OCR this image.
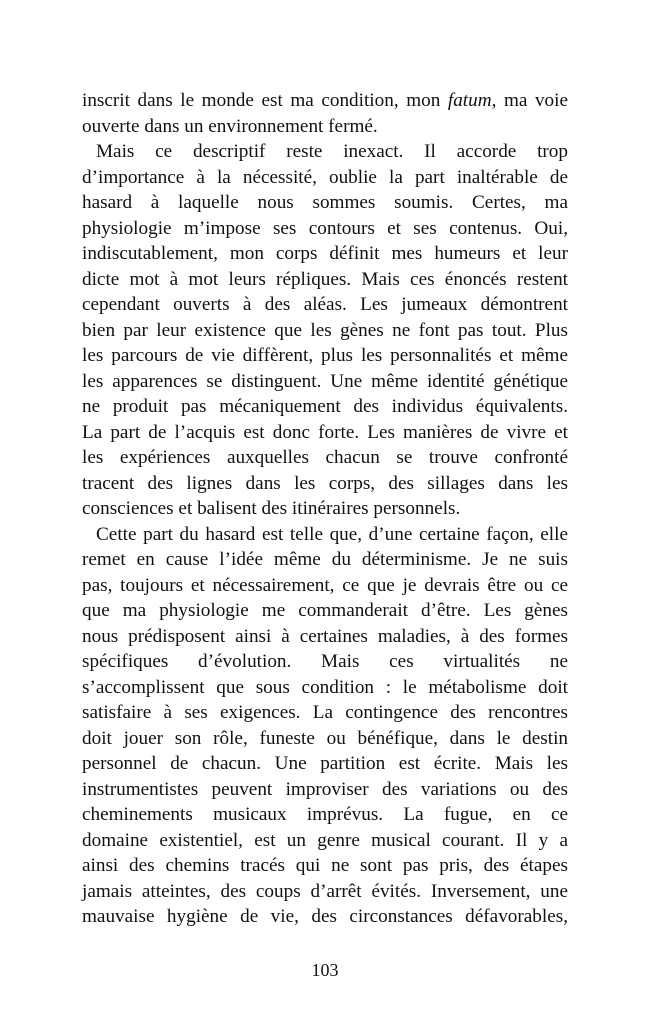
inscrit dans le monde est ma condition, mon fatum, ma voie
ouverte dans un environnement fermé.
Mais ce descriptif reste inexact. Il accorde trop
d’importance à la nécessité, oublie la part inaltérable de
hasard à laquelle nous sommes soumis. Certes, ma
physiologie m’impose ses contours et ses contenus. Oui,
indiscutablement, mon corps définit mes humeurs et leur
dicte mot à mot leurs répliques. Mais ces énoncés restent
cependant ouverts à des aléas. Les jumeaux démontrent
bien par leur existence que les gènes ne font pas tout. Plus
les parcours de vie diffèrent, plus les personnalités et même
les apparences se distinguent. Une même identité génétique
ne produit pas mécaniquement des individus équivalents.
La part de l’acquis est donc forte. Les manières de vivre et
les expériences auxquelles chacun se trouve confronté
tracent des lignes dans les corps, des sillages dans les
consciences et balisent des itinéraires personnels.
Cette part du hasard est telle que, d’une certaine façon, elle
remet en cause l’idée même du déterminisme. Je ne suis
pas, toujours et nécessairement, ce que je devrais être ou ce
que ma physiologie me commanderait d’être. Les gènes
nous prédisposent ainsi à certaines maladies, à des formes
spécifiques d’évolution. Mais ces virtualités ne
s’accomplissent que sous condition : le métabolisme doit
satisfaire à ses exigences. La contingence des rencontres
doit jouer son rôle, funeste ou bénéfique, dans le destin
personnel de chacun. Une partition est écrite. Mais les
instrumentistes peuvent improviser des variations ou des
cheminements musicaux imprévus. La fugue, en ce
domaine existentiel, est un genre musical courant. Il y a
ainsi des chemins tracés qui ne sont pas pris, des étapes
jamais atteintes, des coups d’arrêt évités. Inversement, une
mauvaise hygiène de vie, des circonstances défavorables,
103
